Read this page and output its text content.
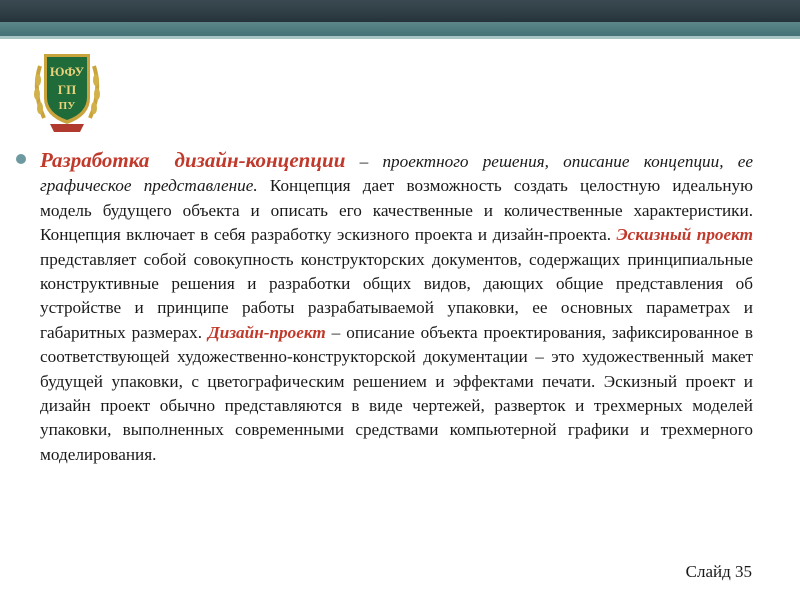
ЮФУ
ГП
ПУ
Разработка дизайн-концепции – проектного решения, описание концепции, ее графическое представление. Концепция дает возможность создать целостную идеальную модель будущего объекта и описать его качественные и количественные характеристики. Концепция включает в себя разработку эскизного проекта и дизайн-проекта. Эскизный проект представляет собой совокупность конструкторских документов, содержащих принципиальные конструктивные решения и разработки общих видов, дающих общие представления об устройстве и принципе работы разрабатываемой упаковки, ее основных параметрах и габаритных размерах. Дизайн-проект – описание объекта проектирования, зафиксированное в соответствующей художественно-конструкторской документации – это художественный макет будущей упаковки, с цветографическим решением и эффектами печати. Эскизный проект и дизайн проект обычно представляются в виде чертежей, разверток и трехмерных моделей упаковки, выполненных современными средствами компьютерной графики и трехмерного моделирования.
Слайд 35
